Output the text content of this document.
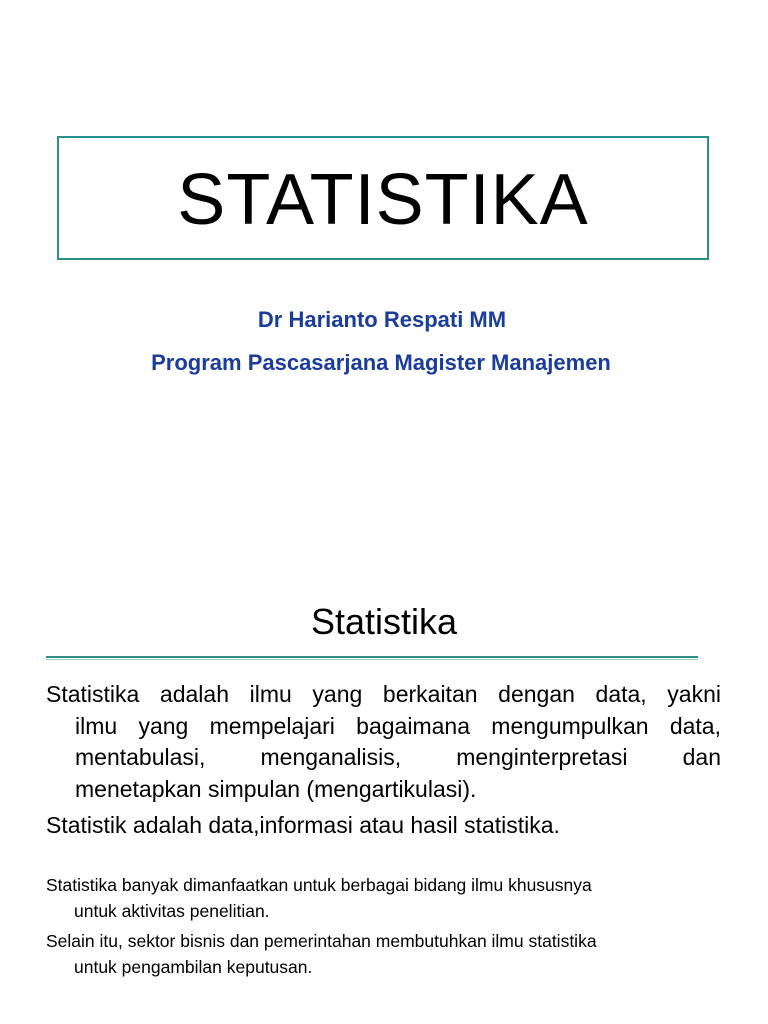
STATISTIKA
Dr Harianto Respati MM
Program Pascasarjana Magister Manajemen
Statistika
Statistika adalah ilmu yang berkaitan dengan data, yakni
ilmu yang mempelajari bagaimana mengumpulkan data,
mentabulasi, menganalisis, menginterpretasi dan
menetapkan simpulan (mengartikulasi).
Statistik adalah data,informasi atau hasil statistika.
Statistika banyak dimanfaatkan untuk berbagai bidang ilmu khususnya
untuk aktivitas penelitian.
Selain itu, sektor bisnis dan pemerintahan membutuhkan ilmu statistika
untuk pengambilan keputusan.
